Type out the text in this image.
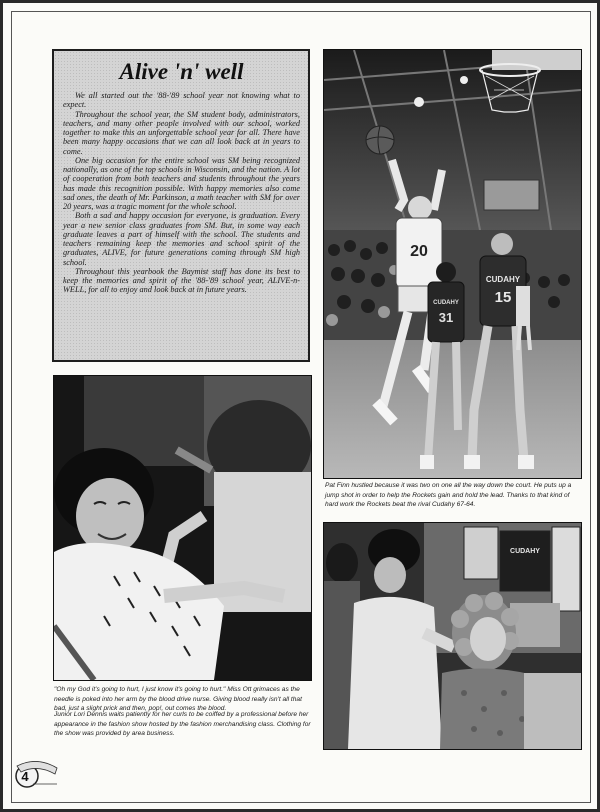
Alive 'n' well

We all started out the '88-'89 school year not knowing what to expect.

Throughout the school year, the SM student body, administrators, teachers, and many other people involved with our school, worked together to make this an unforgettable school year for all. There have been many happy occasions that we can all look back at in years to come.

One big occasion for the entire school was SM being recognized nationally, as one of the top schools in Wisconsin, and the nation. A lot of cooperation from both teachers and students throughout the years has made this recognition possible. With happy memories also come sad ones, the death of Mr. Parkinson, a math teacher with SM for over 20 years, was a tragic moment for the whole school.

Both a sad and happy occasion for everyone, is graduation. Every year a new senior class graduates from SM. But, in some way each graduate leaves a part of himself with the school. The students and teachers remaining keep the memories and school spirit of the graduates, ALIVE, for future generations coming through SM high school.

Throughout this yearbook the Baymist staff has done its best to keep the memories and spirit of the '88-'89 school year, ALIVE-n-WELL, for all to enjoy and look back at in future years.

20
CUDAHY
15
CUDAHY
31

Pat Finn hustled because it was two on one all the way down the court. He puts up a jump shot in order to help the Rockets gain and hold the lead. Thanks to that kind of hard work the Rockets beat the rival Cudahy 67-64.

"Oh my God it's going to hurt, I just know it's going to hurt." Miss Ott grimaces as the needle is poked into her arm by the blood drive nurse. Giving blood really isn't all that bad, just a slight prick and then, pop!, out comes the blood.

Junior Lori Dennis waits patiently for her curls to be coiffed by a professional before her appearance in the fashion show hosted by the fashion merchandising class. Clothing for the show was provided by area business.

CUDAHY
4
